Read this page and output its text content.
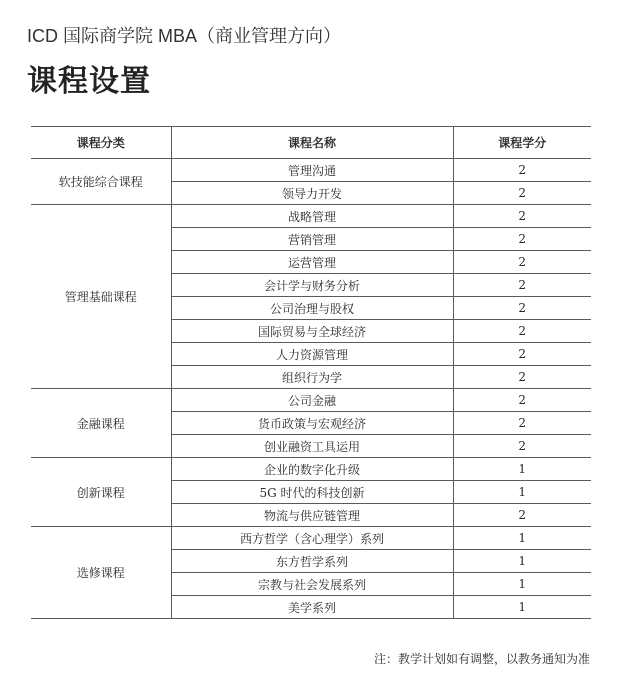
ICD 国际商学院 MBA（商业管理方向）
课程设置
课程分类	课程名称	课程学分
软技能综合课程	管理沟通	2
	领导力开发	2
管理基础课程	战略管理	2
	营销管理	2
	运营管理	2
	会计学与财务分析	2
	公司治理与股权	2
	国际贸易与全球经济	2
	人力资源管理	2
	组织行为学	2
金融课程	公司金融	2
	货币政策与宏观经济	2
	创业融资工具运用	2
创新课程	企业的数字化升级	1
	5G 时代的科技创新	1
	物流与供应链管理	2
选修课程	西方哲学（含心理学）系列	1
	东方哲学系列	1
	宗教与社会发展系列	1
	美学系列	1
注：教学计划如有调整，以教务通知为准
